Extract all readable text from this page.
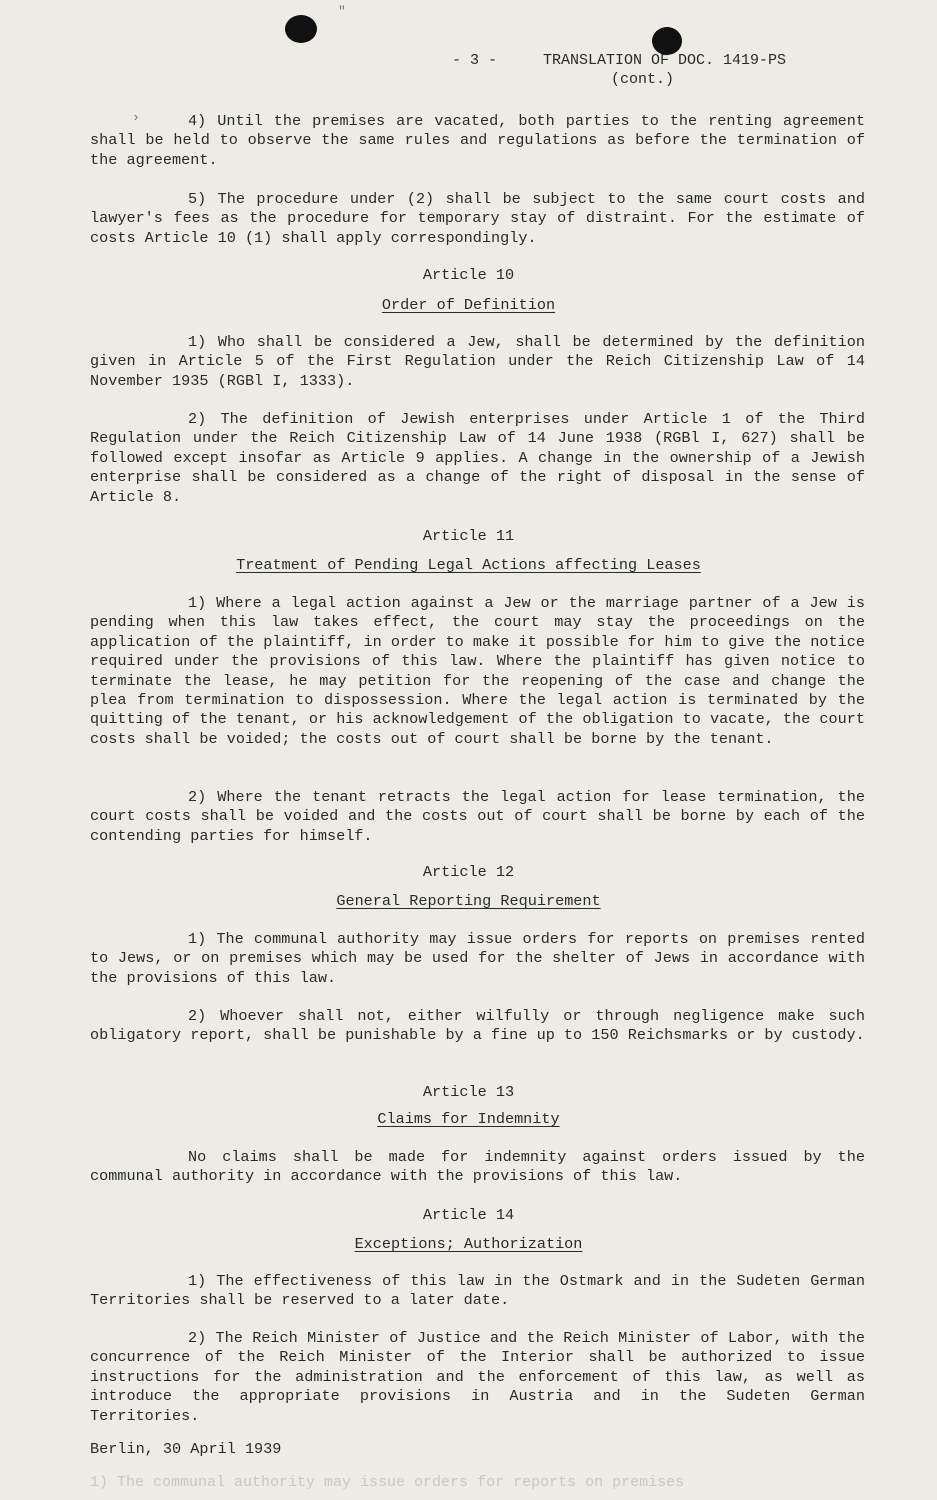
"
- 3 -	TRANSLATION OF DOC. 1419-PS
(cont.)
›	4) Until the premises are vacated, both parties to the renting agreement shall be held to observe the same rules and regulations as before the termination of the agreement.

5) The procedure under (2) shall be subject to the same court costs and lawyer's fees as the procedure for temporary stay of distraint. For the estimate of costs Article 10 (1) shall apply correspondingly.

Article 10

Order of Definition

1) Who shall be considered a Jew, shall be determined by the definition given in Article 5 of the First Regulation under the Reich Citizenship Law of 14 November 1935 (RGBl I, 1333).

2) The definition of Jewish enterprises under Article 1 of the Third Regulation under the Reich Citizenship Law of 14 June 1938 (RGBl I, 627) shall be followed except insofar as Article 9 applies. A change in the ownership of a Jewish enterprise shall be considered as a change of the right of disposal in the sense of Article 8.

Article 11

Treatment of Pending Legal Actions affecting Leases

1) Where a legal action against a Jew or the marriage partner of a Jew is pending when this law takes effect, the court may stay the proceedings on the application of the plaintiff, in order to make it possible for him to give the notice required under the provisions of this law. Where the plaintiff has given notice to terminate the lease, he may petition for the reopening of the case and change the plea from termination to dispossession. Where the legal action is terminated by the quitting of the tenant, or his acknowledgement of the obligation to vacate, the court costs shall be voided; the costs out of court shall be borne by the tenant.

2) Where the tenant retracts the legal action for lease termination, the court costs shall be voided and the costs out of court shall be borne by each of the contending parties for himself.

Article 12

General Reporting Requirement

1) The communal authority may issue orders for reports on premises rented to Jews, or on premises which may be used for the shelter of Jews in accordance with the provisions of this law.

2) Whoever shall not, either wilfully or through negligence make such obligatory report, shall be punishable by a fine up to 150 Reichsmarks or by custody.

Article 13

Claims for Indemnity

No claims shall be made for indemnity against orders issued by the communal authority in accordance with the provisions of this law.

Article 14

Exceptions; Authorization

1) The effectiveness of this law in the Ostmark and in the Sudeten German Territories shall be reserved to a later date.

2) The Reich Minister of Justice and the Reich Minister of Labor, with the concurrence of the Reich Minister of the Interior shall be authorized to issue instructions for the administration and the enforcement of this law, as well as introduce the appropriate provisions in Austria and in the Sudeten German Territories.

Berlin, 30 April 1939
1) The communal authority may issue orders for reports on premises
